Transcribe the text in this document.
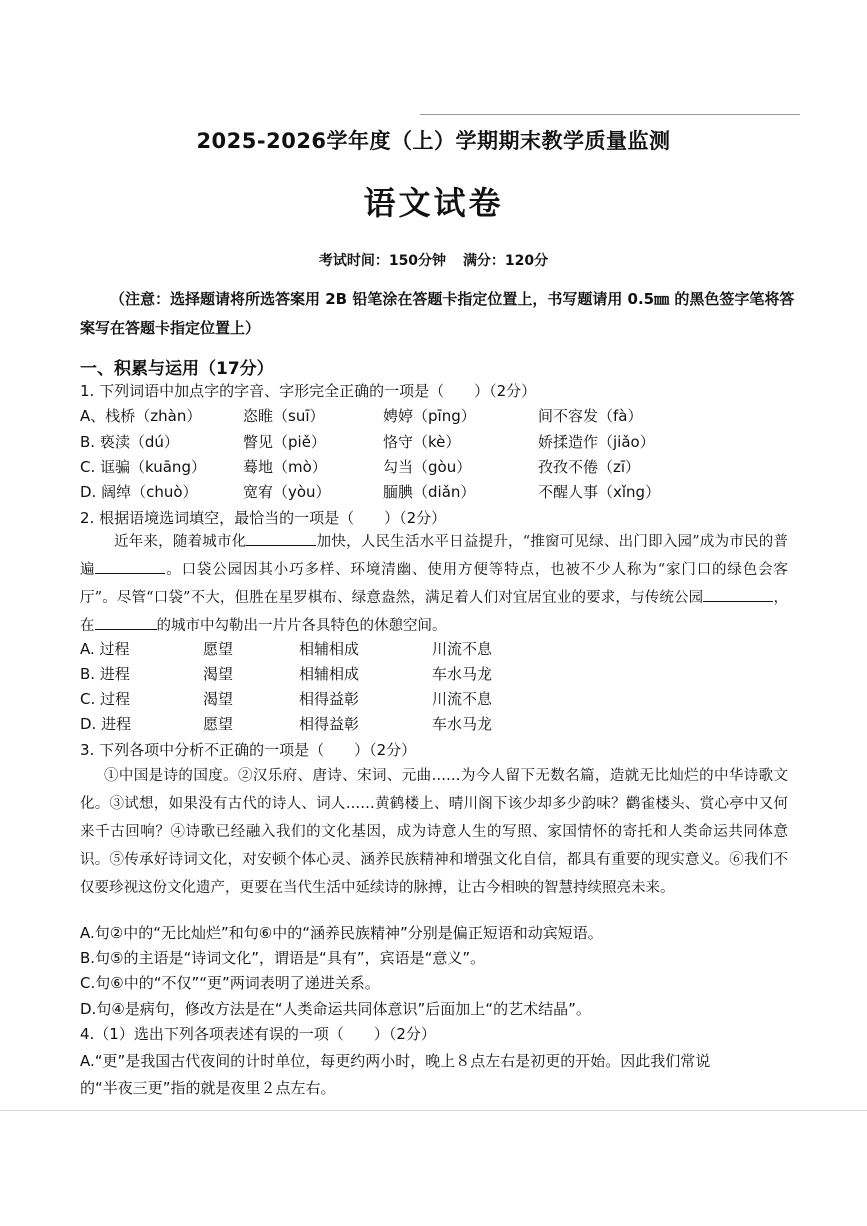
2025-2026学年度（上）学期期末教学质量监测
语文试卷
考试时间：150分钟 满分：120分
（注意：选择题请将所选答案用 2B 铅笔涂在答题卡指定位置上，书写题请用 0.5㎜ 的黑色签字笔将答案写在答题卡指定位置上）
一、积累与运用（17分）
1. 下列词语中加点字的字音、字形完全正确的一项是（　　）（2分）
A、栈桥（zhàn）	恣睢（suī）	娉婷（pīng）	间不容发（fà）
B. 亵渎（dú）	瞥见（piě）	恪守（kè）	娇揉造作（jiǎo）
C. 诓骗（kuāng） 蓦地（mò）	勾当（gòu）	孜孜不倦（zī）
D. 阔绰（chuò）	宽宥（yòu）	腼腆（diǎn）	不醒人事（xǐng）
2. 根据语境选词填空，最恰当的一项是（　　）（2分）
近年来，随着城市化	加快，人民生活水平日益提升，“推窗可见绿、出门即入园”成为市民的普遍	。口袋公园因其小巧多样、环境清幽、使用方便等特点，也被不少人称为“家门口的绿色会客厅”。尽管“口袋”不大，但胜在星罗棋布、绿意盎然，满足着人们对宜居宜业的要求，与传统公园	，在	的城市中勾勒出一片片各具特色的休憩空间。
A. 过程	愿望	相辅相成	川流不息
B. 进程	渴望	相辅相成	车水马龙
C. 过程	渴望	相得益彰	川流不息
D. 进程	愿望	相得益彰	车水马龙
3. 下列各项中分析不正确的一项是（　　）（2分）
①中国是诗的国度。②汉乐府、唐诗、宋词、元曲……为今人留下无数名篇，造就无比灿烂的中华诗歌文化。③试想，如果没有古代的诗人、词人……黄鹤楼上、晴川阁下该少却多少韵味？鹳雀楼头、赏心亭中又何来千古回响？④诗歌已经融入我们的文化基因，成为诗意人生的写照、家国情怀的寄托和人类命运共同体意识。⑤传承好诗词文化，对安顿个体心灵、涵养民族精神和增强文化自信，都具有重要的现实意义。⑥我们不仅要珍视这份文化遗产，更要在当代生活中延续诗的脉搏，让古今相映的智慧持续照亮未来。
A.句②中的“无比灿烂”和句⑥中的“涵养民族精神”分别是偏正短语和动宾短语。
B.句⑤的主语是“诗词文化”，谓语是“具有”，宾语是“意义”。
C.句⑥中的“不仅”“更”两词表明了递进关系。
D.句④是病句，修改方法是在“人类命运共同体意识”后面加上“的艺术结晶”。
4.（1）选出下列各项表述有误的一项（　　）（2分）
A.“更”是我国古代夜间的计时单位，每更约两小时，晚上８点左右是初更的开始。因此我们常说
的“半夜三更”指的就是夜里２点左右。
